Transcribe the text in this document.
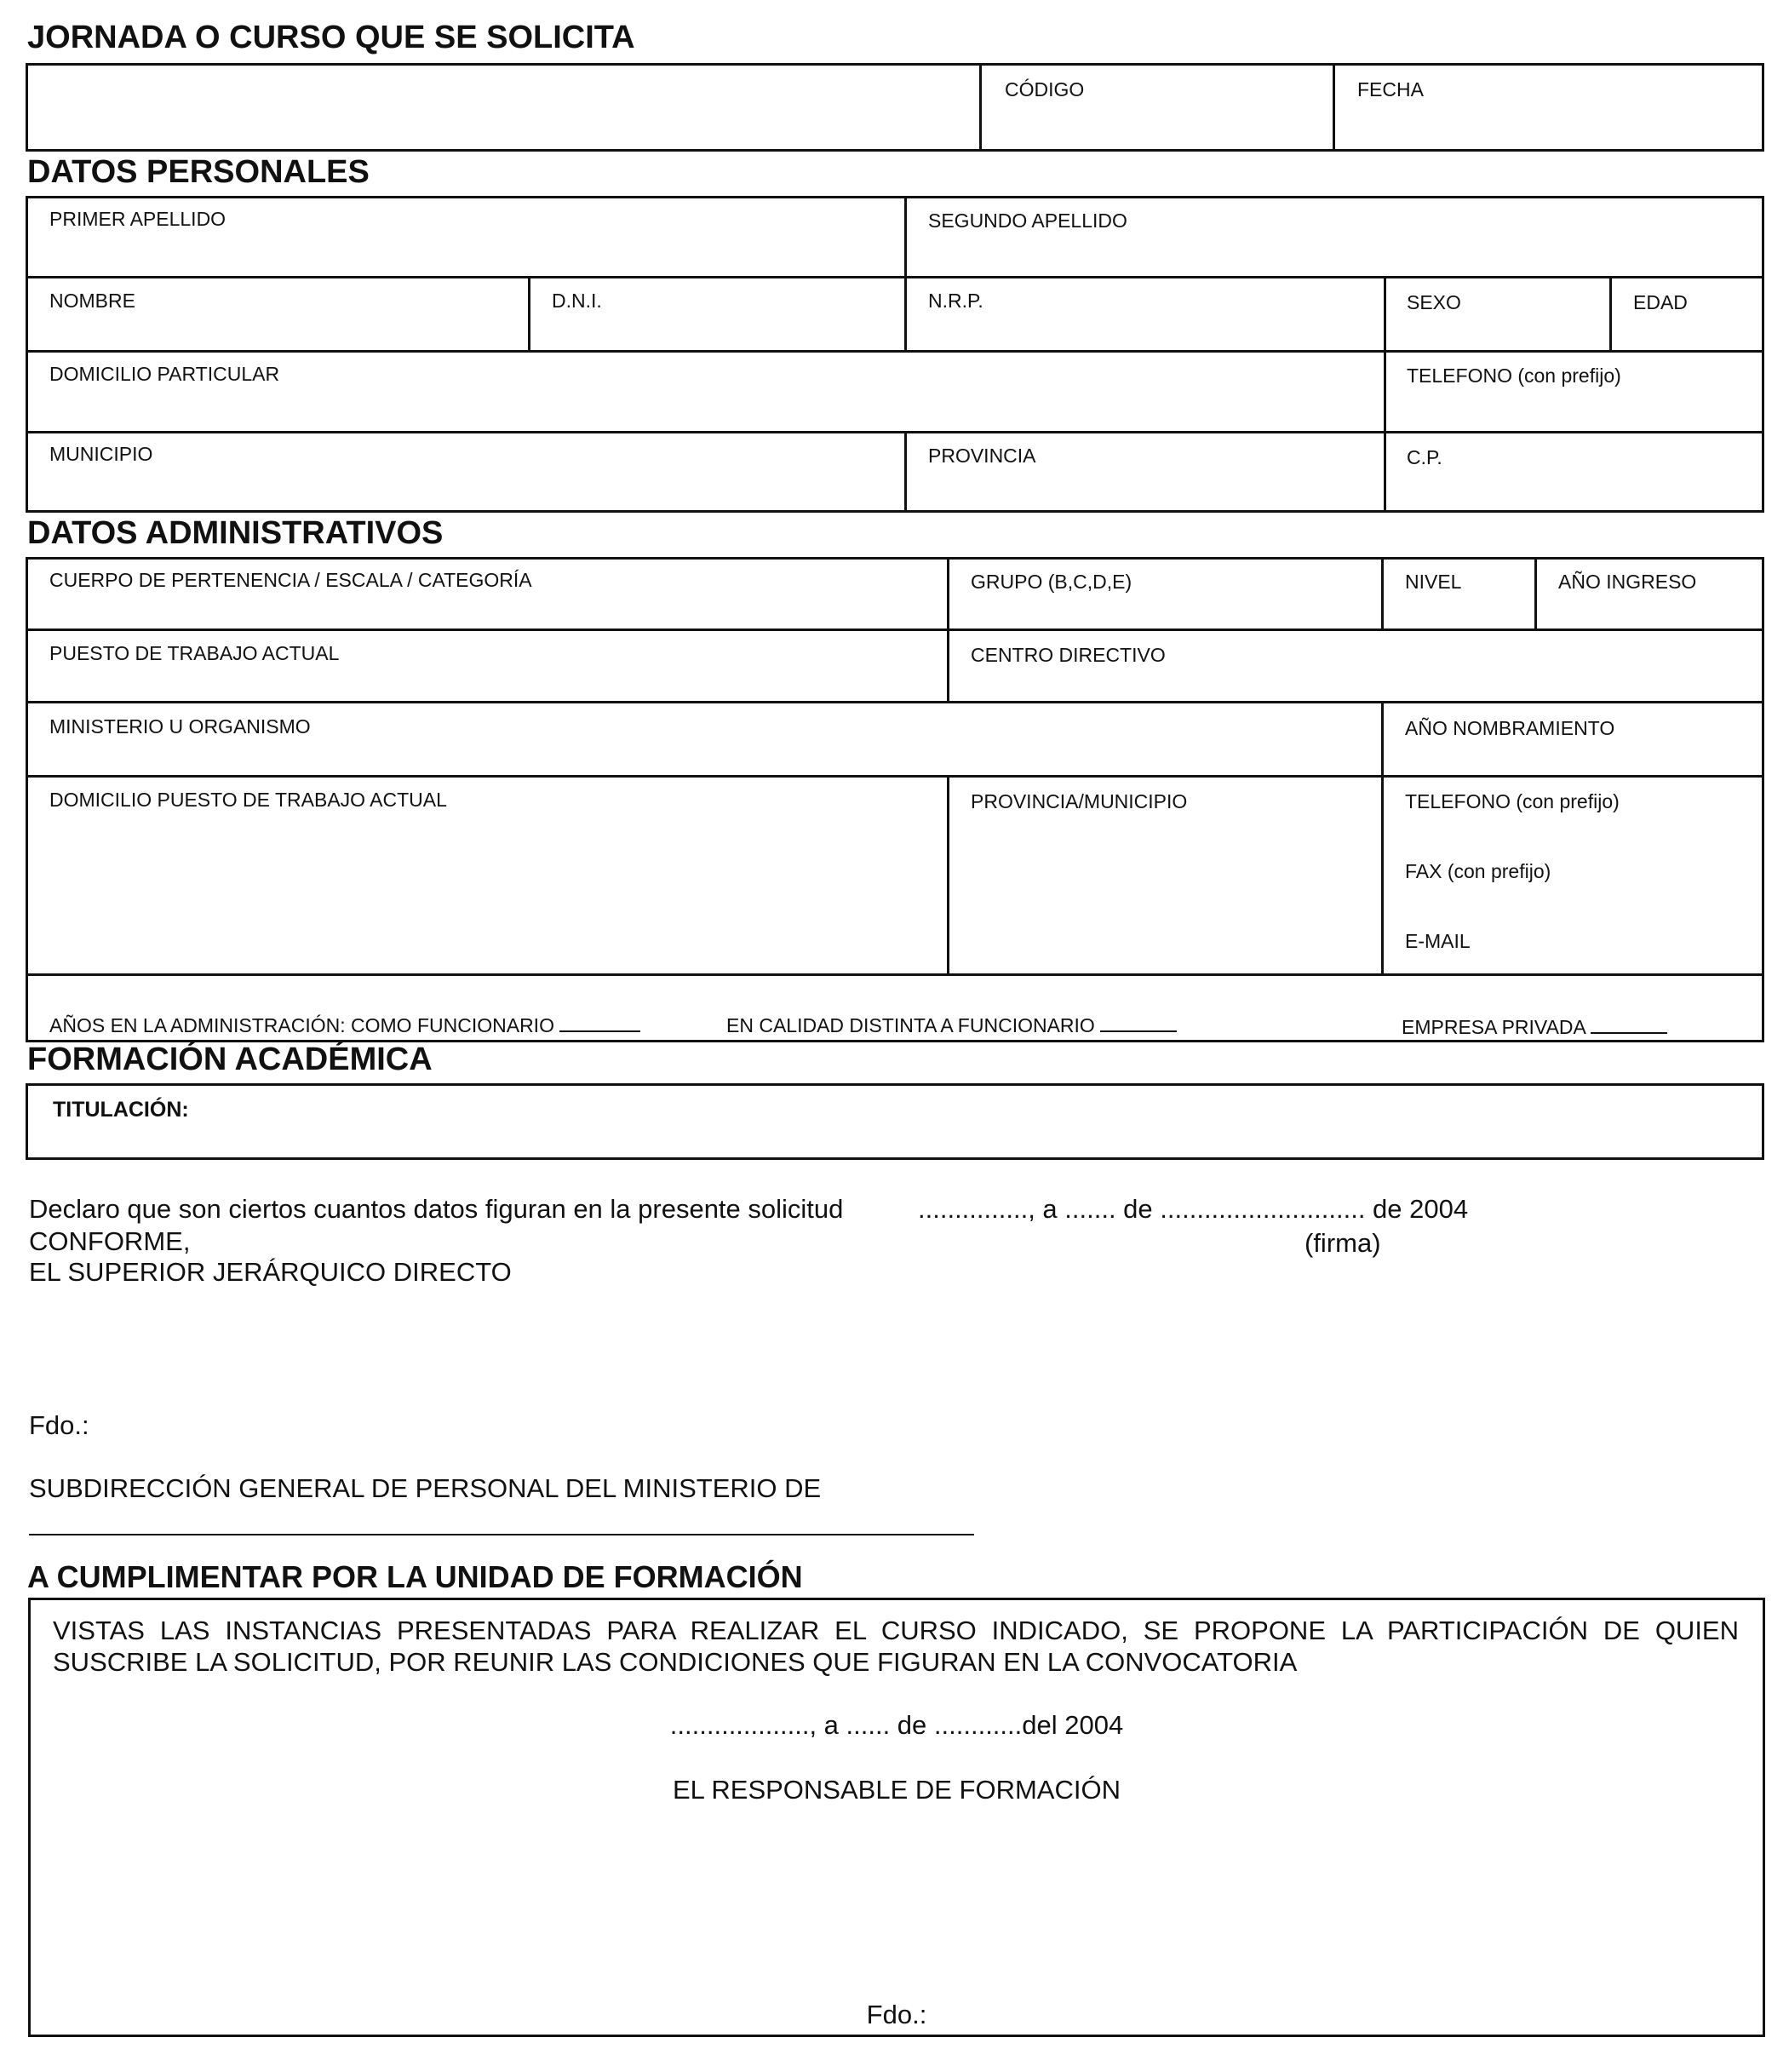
JORNADA O CURSO QUE SE SOLICITA
CÓDIGO	FECHA
DATOS PERSONALES
PRIMER APELLIDO	SEGUNDO APELLIDO
NOMBRE	D.N.I.	N.R.P.	SEXO	EDAD
DOMICILIO PARTICULAR	TELEFONO (con prefijo)
MUNICIPIO	PROVINCIA	C.P.
DATOS ADMINISTRATIVOS
CUERPO DE PERTENENCIA / ESCALA / CATEGORÍA	GRUPO (B,C,D,E)	NIVEL	AÑO INGRESO
PUESTO DE TRABAJO ACTUAL	CENTRO DIRECTIVO
MINISTERIO U ORGANISMO	AÑO NOMBRAMIENTO
DOMICILIO PUESTO DE TRABAJO ACTUAL	PROVINCIA/MUNICIPIO	TELEFONO (con prefijo)
FAX (con prefijo)
E-MAIL
AÑOS EN LA ADMINISTRACIÓN: COMO FUNCIONARIO	EN CALIDAD DISTINTA A FUNCIONARIO	EMPRESA PRIVADA
FORMACIÓN ACADÉMICA
TITULACIÓN:
Declaro que son ciertos cuantos datos figuran en la presente solicitud	..............., a ....... de ............................ de 2004
CONFORME,	(firma)
EL SUPERIOR JERÁRQUICO DIRECTO
Fdo.:
SUBDIRECCIÓN GENERAL DE PERSONAL DEL MINISTERIO DE
A CUMPLIMENTAR POR LA UNIDAD DE FORMACIÓN
VISTAS LAS INSTANCIAS PRESENTADAS PARA REALIZAR EL CURSO INDICADO, SE PROPONE LA PARTICIPACIÓN DE QUIEN SUSCRIBE LA SOLICITUD, POR REUNIR LAS CONDICIONES QUE FIGURAN EN LA CONVOCATORIA
..................., a ...... de ............del 2004
EL RESPONSABLE DE FORMACIÓN
Fdo.:
